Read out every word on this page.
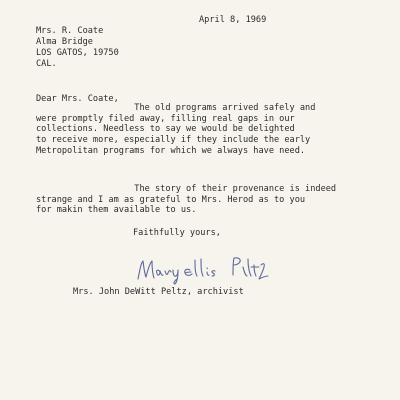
April 8, 1969
Mrs. R. Coate
Alma Bridge
LOS GATOS, 19750
CAL.
Dear Mrs. Coate,

The old programs arrived safely and

were promptly filed away, filling real gaps in our

collections. Needless to say we would be delighted

to receive more, especially if they include the early

Metropolitan programs for which we always have need.

The story of their provenance is indeed

strange and I am as grateful to Mrs. Herod as to you

for makin them available to us.

Faithfully yours,
Mrs. John DeWitt Peltz, archivist
